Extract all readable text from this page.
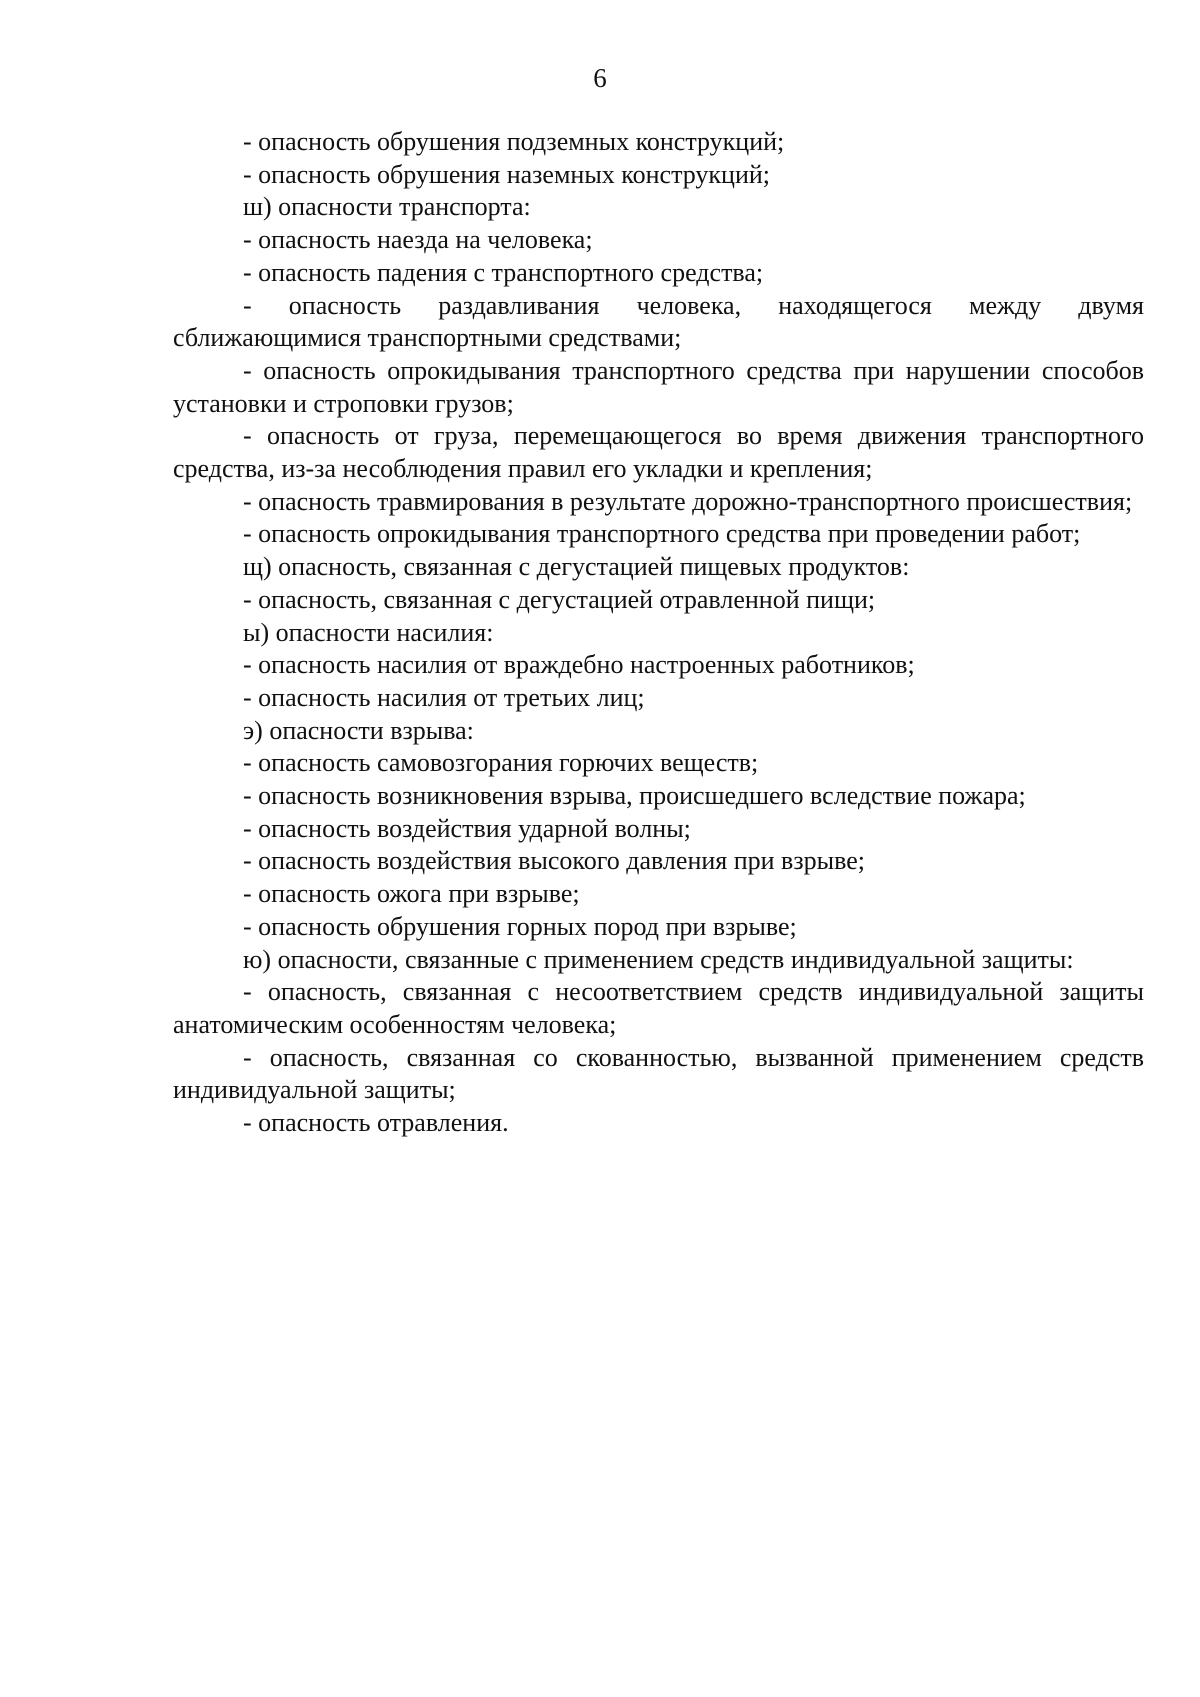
6

- опасность обрушения подземных конструкций;

- опасность обрушения наземных конструкций;

ш) опасности транспорта:

- опасность наезда на человека;

- опасность падения с транспортного средства;

- опасность раздавливания человека, находящегося между двумя сближающимися транспортными средствами;

- опасность опрокидывания транспортного средства при нарушении способов установки и строповки грузов;

- опасность от груза, перемещающегося во время движения транспортного средства, из-за несоблюдения правил его укладки и крепления;

- опасность травмирования в результате дорожно-транспортного происшествия;

- опасность опрокидывания транспортного средства при проведении работ;

щ) опасность, связанная с дегустацией пищевых продуктов:

- опасность, связанная с дегустацией отравленной пищи;

ы) опасности насилия:

- опасность насилия от враждебно настроенных работников;

- опасность насилия от третьих лиц;

э) опасности взрыва:

- опасность самовозгорания горючих веществ;

- опасность возникновения взрыва, происшедшего вследствие пожара;

- опасность воздействия ударной волны;

- опасность воздействия высокого давления при взрыве;

- опасность ожога при взрыве;

- опасность обрушения горных пород при взрыве;

ю) опасности, связанные с применением средств индивидуальной защиты:

- опасность, связанная с несоответствием средств индивидуальной защиты анатомическим особенностям человека;

- опасность, связанная со скованностью, вызванной применением средств индивидуальной защиты;

- опасность отравления.
